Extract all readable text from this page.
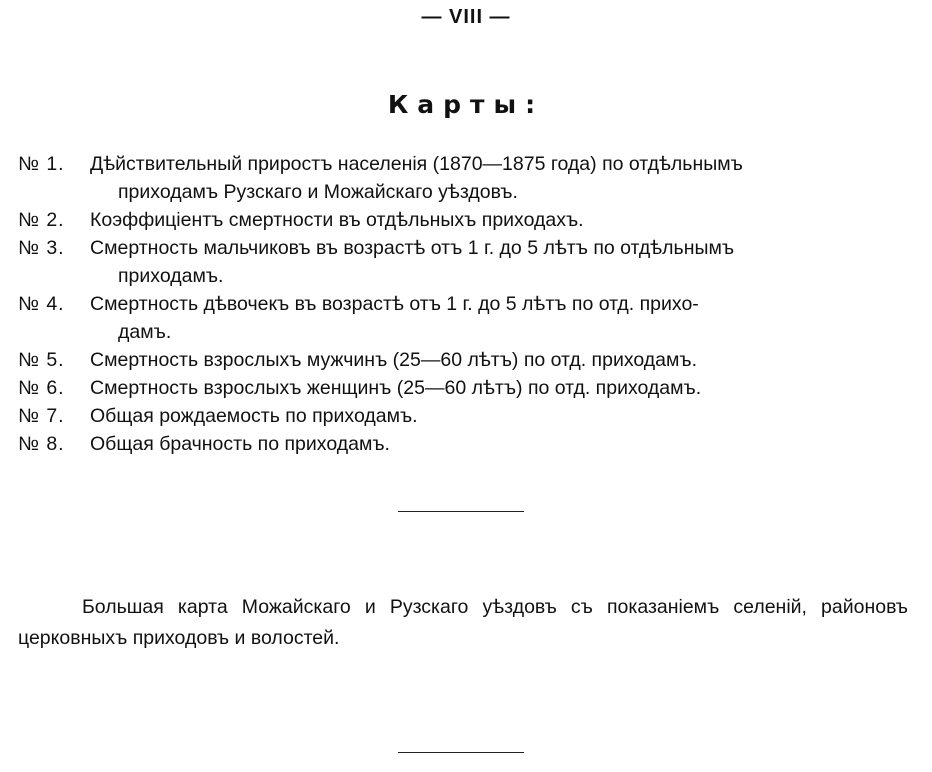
— VIII —
Карты:
№ 1. Дѣйствительный приростъ населенія (1870—1875 года) по отдѣльнымъ
приходамъ Рузскаго и Можайскаго уѣздовъ.
№ 2. Коэффиціентъ смертности въ отдѣльныхъ приходахъ.
№ 3. Смертность мальчиковъ въ возрастѣ отъ 1 г. до 5 лѣтъ по отдѣльнымъ
приходамъ.
№ 4. Смертность дѣвочекъ въ возрастѣ отъ 1 г. до 5 лѣтъ по отд. прихо-
дамъ.
№ 5. Смертность взрослыхъ мужчинъ (25—60 лѣтъ) по отд. приходамъ.
№ 6. Смертность взрослыхъ женщинъ (25—60 лѣтъ) по отд. приходамъ.
№ 7. Общая рождаемость по приходамъ.
№ 8. Общая брачность по приходамъ.

Большая карта Можайскаго и Рузскаго уѣздовъ съ показаніемъ селеній, районовъ церковныхъ приходовъ и волостей.
